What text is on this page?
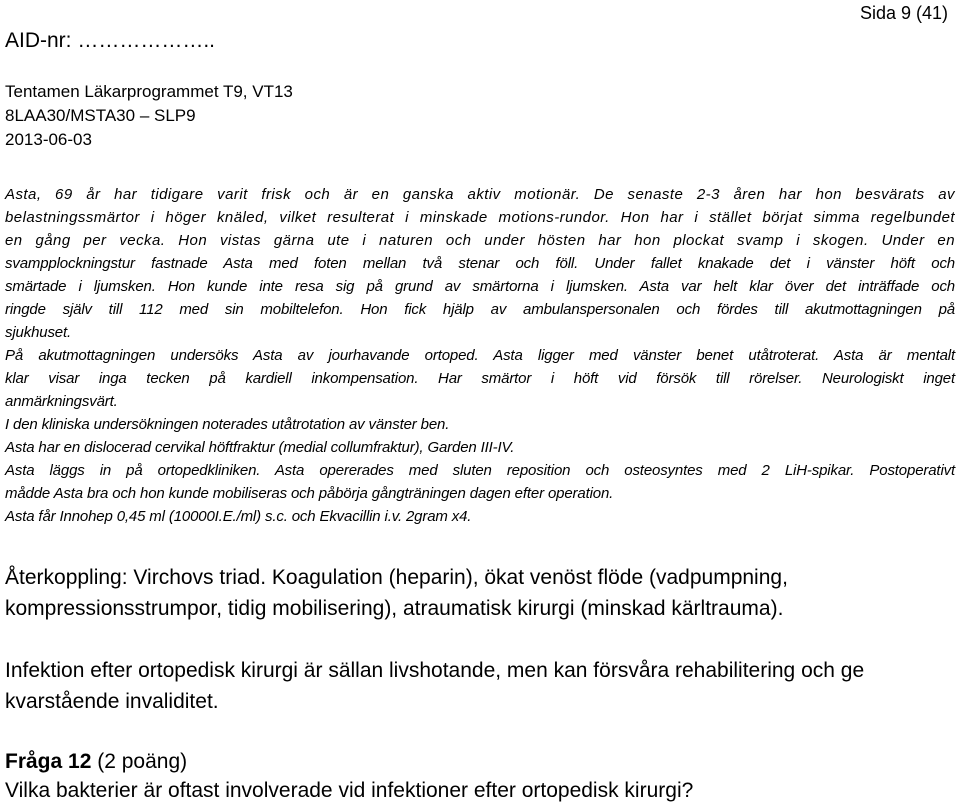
AID-nr: ………………..
Sida 9 (41)
Tentamen Läkarprogrammet T9, VT13
8LAA30/MSTA30 – SLP9
2013-06-03

Asta, 69 år har tidigare varit frisk och är en ganska aktiv motionär. De senaste 2-3 åren har hon besvärats av

belastningssmärtor i höger knäled, vilket resulterat i minskade motions-rundor. Hon har i stället börjat simma regelbundet

en gång per vecka. Hon vistas gärna ute i naturen och under hösten har hon plockat svamp i skogen. Under en

svampplockningstur fastnade Asta med foten mellan två stenar och föll. Under fallet knakade det i vänster höft och

smärtade i ljumsken. Hon kunde inte resa sig på grund av smärtorna i ljumsken. Asta var helt klar över det inträffade och

ringde själv till 112 med sin mobiltelefon. Hon fick hjälp av ambulanspersonalen och fördes till akutmottagningen på

sjukhuset.

På akutmottagningen undersöks Asta av jourhavande ortoped. Asta ligger med vänster benet utåtroterat. Asta är mentalt

klar visar inga tecken på kardiell inkompensation. Har smärtor i höft vid försök till rörelser. Neurologiskt inget

anmärkningsvärt.

I den kliniska undersökningen noterades utåtrotation av vänster ben.

Asta har en dislocerad cervikal höftfraktur (medial collumfraktur), Garden III-IV.

Asta läggs in på ortopedkliniken. Asta opererades med sluten reposition och osteosyntes med 2 LiH-spikar. Postoperativt

mådde Asta bra och hon kunde mobiliseras och påbörja gångträningen dagen efter operation.

Asta får Innohep 0,45 ml (10000I.E./ml) s.c. och Ekvacillin i.v. 2gram x4.

Återkoppling: Virchovs triad. Koagulation (heparin), ökat venöst flöde (vadpumpning, kompressionsstrumpor, tidig mobilisering), atraumatisk kirurgi (minskad kärltrauma).
Infektion efter ortopedisk kirurgi är sällan livshotande, men kan försvåra rehabilitering och ge kvarstående invaliditet.
Fråga 12 (2 poäng)
Vilka bakterier är oftast involverade vid infektioner efter ortopedisk kirurgi?
